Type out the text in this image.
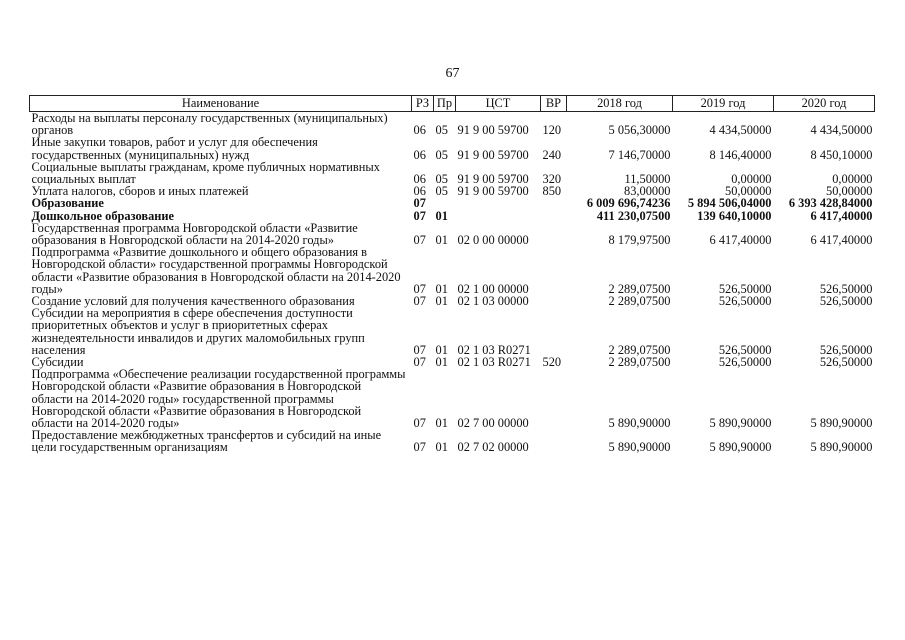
67
Наименование	РЗ	Пр	ЦСТ	ВР	2018 год	2019 год	2020 год
Расходы на выплаты персоналу государственных (муниципальных) органов	06	05	91 9 00 59700	120	5 056,30000	4 434,50000	4 434,50000
Иные закупки товаров, работ и услуг для обеспечения государственных (муниципальных) нужд	06	05	91 9 00 59700	240	7 146,70000	8 146,40000	8 450,10000
Социальные выплаты гражданам, кроме публичных нормативных социальных выплат	06	05	91 9 00 59700	320	11,50000	0,00000	0,00000
Уплата налогов, сборов и иных платежей	06	05	91 9 00 59700	850	83,00000	50,00000	50,00000
Образование	07				6 009 696,74236	5 894 506,04000	6 393 428,84000
Дошкольное образование	07	01			411 230,07500	139 640,10000	6 417,40000
Государственная программа Новгородской области «Развитие образования в Новгородской области на 2014-2020 годы»	07	01	02 0 00 00000		8 179,97500	6 417,40000	6 417,40000
Подпрограмма «Развитие дошкольного и общего образования в Новгородской области» государственной программы Новгородской области «Развитие образования в Новгородской области на 2014-2020 годы»	07	01	02 1 00 00000		2 289,07500	526,50000	526,50000
Создание условий для получения качественного образования	07	01	02 1 03 00000		2 289,07500	526,50000	526,50000
Субсидии на мероприятия в сфере обеспечения доступности приоритетных объектов и услуг в приоритетных сферах жизнедеятельности инвалидов и других маломобильных групп населения	07	01	02 1 03 R0271		2 289,07500	526,50000	526,50000
Субсидии	07	01	02 1 03 R0271	520	2 289,07500	526,50000	526,50000
Подпрограмма «Обеспечение реализации государственной программы Новгородской области «Развитие образования в Новгородской области на 2014-2020 годы» государственной программы Новгородской области «Развитие образования в Новгородской области на 2014-2020 годы»	07	01	02 7 00 00000		5 890,90000	5 890,90000	5 890,90000
Предоставление межбюджетных трансфертов и субсидий на иные цели государственным организациям	07	01	02 7 02 00000		5 890,90000	5 890,90000	5 890,90000
